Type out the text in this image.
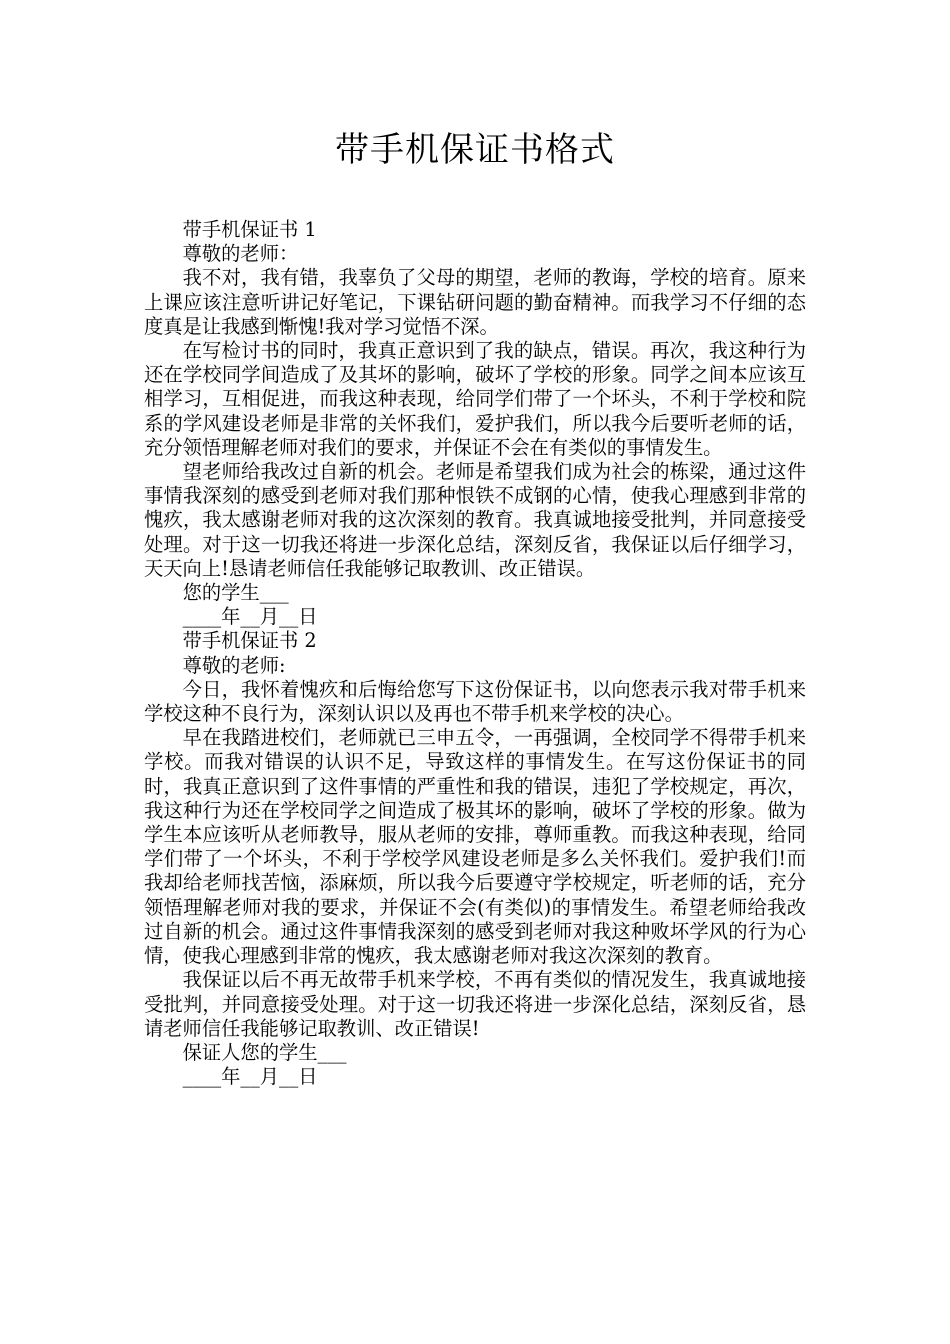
带手机保证书格式

带手机保证书 1

尊敬的老师：

我不对，我有错，我辜负了父母的期望，老师的教诲，学校的培育。原来上课应该注意听讲记好笔记，下课钻研问题的勤奋精神。而我学习不仔细的态度真是让我感到惭愧!我对学习觉悟不深。

在写检讨书的同时，我真正意识到了我的缺点，错误。再次，我这种行为还在学校同学间造成了及其坏的影响，破坏了学校的形象。同学之间本应该互相学习，互相促进，而我这种表现，给同学们带了一个坏头，不利于学校和院系的学风建设老师是非常的关怀我们，爱护我们，所以我今后要听老师的话，充分领悟理解老师对我们的要求，并保证不会在有类似的事情发生。

望老师给我改过自新的机会。老师是希望我们成为社会的栋梁，通过这件事情我深刻的感受到老师对我们那种恨铁不成钢的心情，使我心理感到非常的愧疚，我太感谢老师对我的这次深刻的教育。我真诚地接受批判，并同意接受处理。对于这一切我还将进一步深化总结，深刻反省，我保证以后仔细学习，天天向上!恳请老师信任我能够记取教训、改正错误。

您的学生___

____年__月__日

带手机保证书 2

尊敬的老师:

今日，我怀着愧疚和后悔给您写下这份保证书，以向您表示我对带手机来学校这种不良行为，深刻认识以及再也不带手机来学校的决心。

早在我踏进校们，老师就已三申五令，一再强调，全校同学不得带手机来学校。而我对错误的认识不足，导致这样的事情发生。在写这份保证书的同时，我真正意识到了这件事情的严重性和我的错误，违犯了学校规定，再次，我这种行为还在学校同学之间造成了极其坏的影响，破坏了学校的形象。做为学生本应该听从老师教导，服从老师的安排，尊师重教。而我这种表现，给同学们带了一个坏头，不利于学校学风建设老师是多么关怀我们。爱护我们!而我却给老师找苦恼，添麻烦，所以我今后要遵守学校规定，听老师的话，充分领悟理解老师对我的要求，并保证不会(有类似)的事情发生。希望老师给我改过自新的机会。通过这件事情我深刻的感受到老师对我这种败坏学风的行为心情，使我心理感到非常的愧疚，我太感谢老师对我这次深刻的教育。

我保证以后不再无故带手机来学校，不再有类似的情况发生，我真诚地接受批判，并同意接受处理。对于这一切我还将进一步深化总结，深刻反省，恳请老师信任我能够记取教训、改正错误!

保证人您的学生___

____年__月__日
